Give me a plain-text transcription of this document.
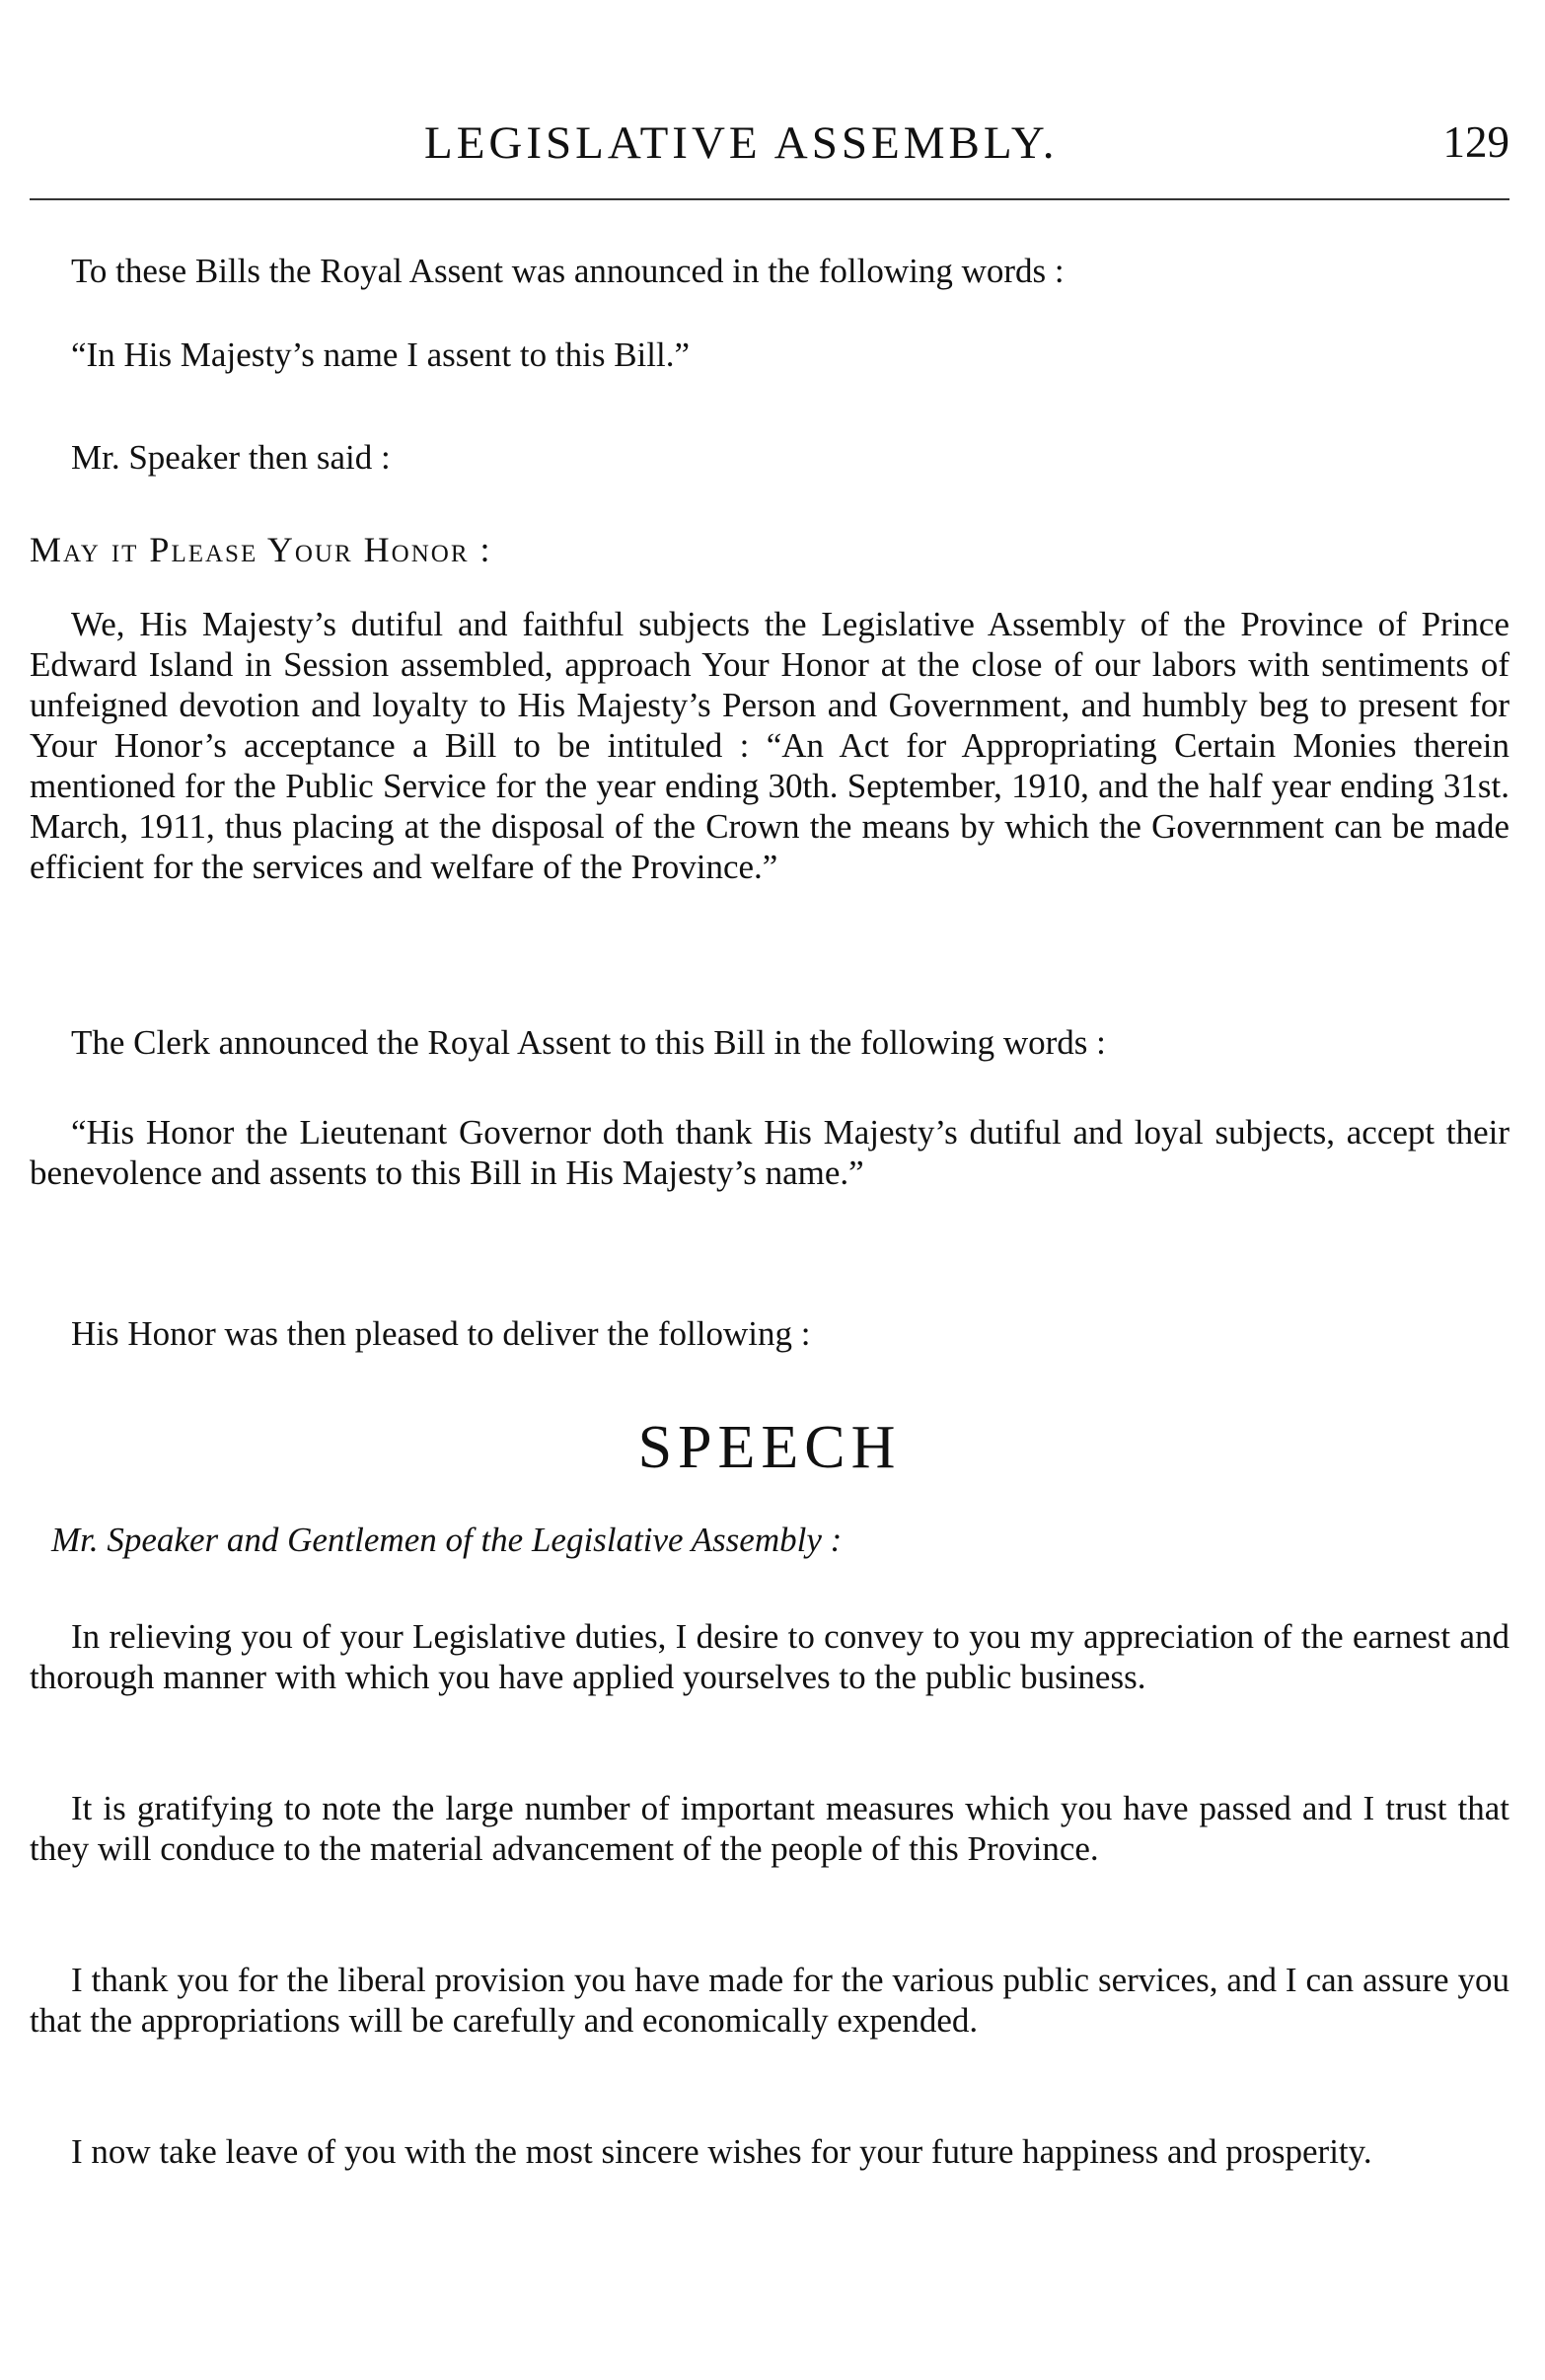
LEGISLATIVE ASSEMBLY.	129

To these Bills the Royal Assent was announced in the following words :

“In His Majesty’s name I assent to this Bill.”

Mr. Speaker then said :

May it Please Your Honor :

We, His Majesty’s dutiful and faithful subjects the Legislative Assembly of the Province of Prince Edward Island in Session assembled, approach Your Honor at the close of our labors with sentiments of unfeigned devotion and loyalty to His Majesty’s Person and Government, and humbly beg to present for Your Honor’s acceptance a Bill to be intituled : “An Act for Appropriating Certain Monies therein mentioned for the Public Service for the year ending 30th. September, 1910, and the half year ending 31st. March, 1911, thus placing at the disposal of the Crown the means by which the Government can be made efficient for the services and welfare of the Province.”

The Clerk announced the Royal Assent to this Bill in the following words :

“His Honor the Lieutenant Governor doth thank His Majesty’s dutiful and loyal subjects, accept their benevolence and assents to this Bill in His Majesty’s name.”

His Honor was then pleased to deliver the following :

SPEECH

Mr. Speaker and Gentlemen of the Legislative Assembly :

In relieving you of your Legislative duties, I desire to convey to you my appreciation of the earnest and thorough manner with which you have applied yourselves to the public business.

It is gratifying to note the large number of important measures which you have passed and I trust that they will conduce to the material advancement of the people of this Province.

I thank you for the liberal provision you have made for the various public services, and I can assure you that the appropriations will be carefully and economically expended.

I now take leave of you with the most sincere wishes for your future happiness and prosperity.
